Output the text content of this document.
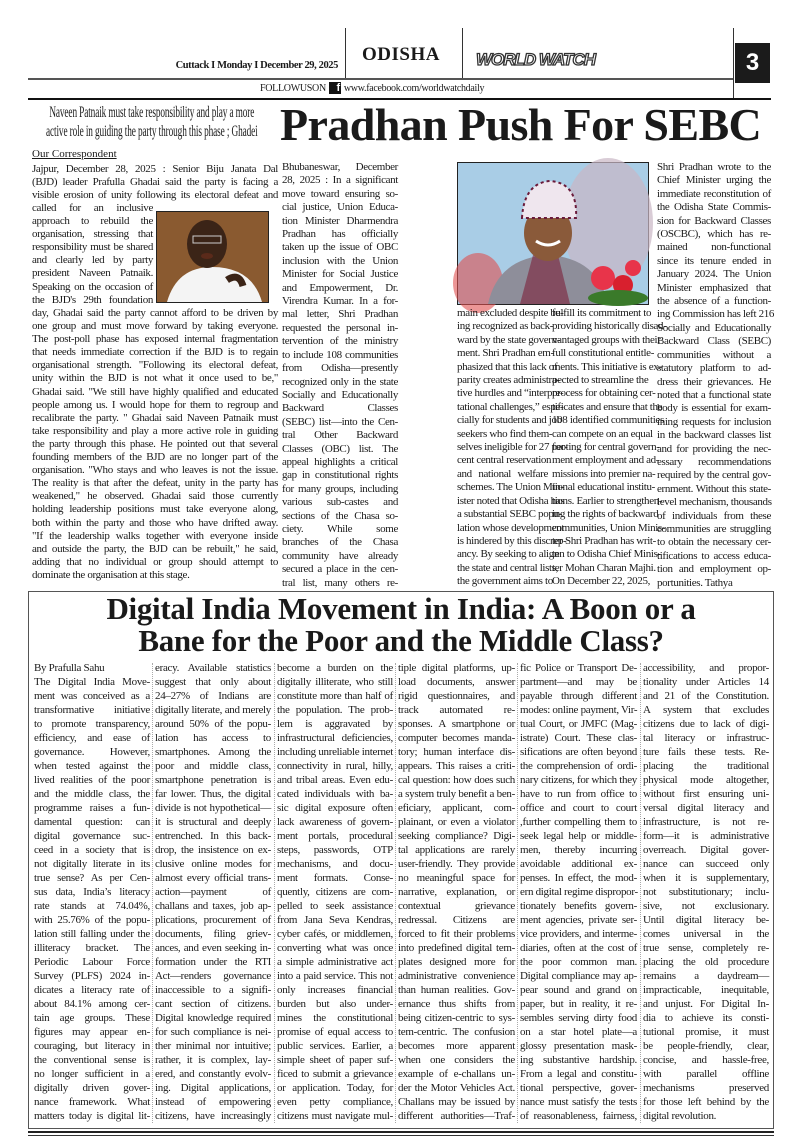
Cuttack I Monday I December 29, 2025
ODISHA WORLD WATCH	3
FOLLOWUSON f www.facebook.com/worldwatchdaily
Naveen Patnaik must take responsibility and play a more
active role in guiding the party through this phase ; Ghadei
Our Correspondent
Jajpur, December 28, 2025 : Senior Biju Janata Dal
(BJD) leader Prafulla Ghadai said the party is facing a
visible erosion of unity following its electoral defeat and
called for an inclusive
approach to rebuild the
organisation, stressing that
responsibility must be shared
and clearly led by party
president Naveen Patnaik.
Speaking on the occasion of
the BJD's 29th foundation
day, Ghadai said the party cannot afford to be driven by
one group and must move forward by taking everyone.
The post-poll phase has exposed internal fragmentation
that needs immediate correction if the BJD is to regain
organisational strength. "Following its electoral defeat,
unity within the BJD is not what it once used to be,"
Ghadai said. "We still have highly qualified and educated
people among us. I would hope for them to regroup and
recalibrate the party. " Ghadai said Naveen Patnaik must
take responsibility and play a more active role in guiding
the party through this phase. He pointed out that several
founding members of the BJD are no longer part of the
organisation. "Who stays and who leaves is not the issue.
The reality is that after the defeat, unity in the party has
weakened," he observed. Ghadai said those currently
holding leadership positions must take everyone along,
both within the party and those who have drifted away.
"If the leadership walks together with everyone inside
and outside the party, the BJD can be rebuilt," he said,
adding that no individual or group should attempt to
dominate the organisation at this stage.
Pradhan Push For SEBC
Bhubaneswar, December
28, 2025 : In a significant
move toward ensuring so-
cial justice, Union Educa-
tion Minister Dharmendra
Pradhan has officially
taken up the issue of OBC
inclusion with the Union
Minister for Social Justice
and Empowerment, Dr.
Virendra Kumar. In a for-
mal letter, Shri Pradhan
requested the personal in-
tervention of the ministry
to include 108 communities
from Odisha—presently
recognized only in the state
Socially and Educationally
Backward Classes
(SEBC) list—into the Cen-
tral Other Backward
Classes (OBC) list. The
appeal highlights a critical
gap in constitutional rights
for many groups, including
various sub-castes and
sections of the Chasa so-
ciety. While some
branches of the Chasa
community have already
secured a place in the cen-
tral list, many others re-
main excluded despite be-
ing recognized as back-
ward by the state govern-
ment. Shri Pradhan em-
phasized that this lack of
parity creates administra-
tive hurdles and “interpre-
tational challenges,” espe-
cially for students and job
seekers who find them-
selves ineligible for 27 per-
cent central reservation
and national welfare
schemes. The Union Min-
ister noted that Odisha has
a substantial SEBC popu-
lation whose development
is hindered by this discrep-
ancy. By seeking to align
the state and central lists,
the government aims to
fulfill its commitment to
providing historically disad-
vantaged groups with their
full constitutional entitle-
ments. This initiative is ex-
pected to streamline the
process for obtaining cer-
tificates and ensure that the
108 identified communities
can compete on an equal
footing for central govern-
ment employment and ad-
missions into premier na-
tional educational institu-
tions. Earlier to strengthen-
ing the rights of backward
communities, Union Minis-
ter Shri Pradhan has writ-
ten to Odisha Chief Minis-
ter Mohan Charan Majhi.
On December 22, 2025,
Shri Pradhan wrote to the
Chief Minister urging the
immediate reconstitution of
the Odisha State Commis-
sion for Backward Classes
(OSCBC), which has re-
mained non-functional
since its tenure ended in
January 2024. The Union
Minister emphasized that
the absence of a function-
ing Commission has left 216
Socially and Educationally
Backward Class (SEBC)
communities without a
statutory platform to ad-
dress their grievances. He
noted that a functional state
body is essential for exam-
ining requests for inclusion
in the backward classes list
and for providing the nec-
essary recommendations
required by the central gov-
ernment. Without this state-
level mechanism, thousands
of individuals from these
communities are struggling
to obtain the necessary cer-
tifications to access educa-
tion and employment op-
portunities. Tathya
Digital India Movement in India: A Boon or a
Bane for the Poor and the Middle Class?
By Prafulla Sahu
The Digital India Move-
ment was conceived as a
transformative initiative
to promote transparency,
efficiency, and ease of
governance. However,
when tested against the
lived realities of the poor
and the middle class, the
programme raises a fun-
damental question: can
digital governance suc-
ceed in a society that is
not digitally literate in its
true sense? As per Cen-
sus data, India’s literacy
rate stands at 74.04%,
with 25.76% of the popu-
lation still falling under the
illiteracy bracket. The
Periodic Labour Force
Survey (PLFS) 2024 in-
dicates a literacy rate of
about 84.1% among cer-
tain age groups. These
figures may appear en-
couraging, but literacy in
the conventional sense is
no longer sufficient in a
digitally driven gover-
nance framework. What
matters today is digital lit-
eracy. Available statistics
suggest that only about
24–27% of Indians are
digitally literate, and merely
around 50% of the popu-
lation has access to
smartphones. Among the
poor and middle class,
smartphone penetration is
far lower. Thus, the digital
divide is not hypothetical—
it is structural and deeply
entrenched. In this back-
drop, the insistence on ex-
clusive online modes for
almost every official trans-
action—payment of
challans and taxes, job ap-
plications, procurement of
documents, filing griev-
ances, and even seeking in-
formation under the RTI
Act—renders governance
inaccessible to a signifi-
cant section of citizens.
Digital knowledge required
for such compliance is nei-
ther minimal nor intuitive;
rather, it is complex, lay-
ered, and constantly evolv-
ing. Digital applications,
instead of empowering
citizens, have increasingly
become a burden on the
digitally illiterate, who still
constitute more than half of
the population. The prob-
lem is aggravated by
infrastructural deficiencies,
including unreliable internet
connectivity in rural, hilly,
and tribal areas. Even edu-
cated individuals with ba-
sic digital exposure often
lack awareness of govern-
ment portals, procedural
steps, passwords, OTP
mechanisms, and docu-
ment formats. Conse-
quently, citizens are com-
pelled to seek assistance
from Jana Seva Kendras,
cyber cafés, or middlemen,
converting what was once
a simple administrative act
into a paid service. This not
only increases financial
burden but also under-
mines the constitutional
promise of equal access to
public services. Earlier, a
simple sheet of paper suf-
ficed to submit a grievance
or application. Today, for
even petty compliance,
citizens must navigate mul-
tiple digital platforms, up-
load documents, answer
rigid questionnaires, and
track automated re-
sponses. A smartphone or
computer becomes manda-
tory; human interface dis-
appears. This raises a criti-
cal question: how does such
a system truly benefit a ben-
eficiary, applicant, com-
plainant, or even a violator
seeking compliance? Digi-
tal applications are rarely
user-friendly. They provide
no meaningful space for
narrative, explanation, or
contextual grievance
redressal. Citizens are
forced to fit their problems
into predefined digital tem-
plates designed more for
administrative convenience
than human realities. Gov-
ernance thus shifts from
being citizen-centric to sys-
tem-centric. The confusion
becomes more apparent
when one considers the
example of e-challans un-
der the Motor Vehicles Act.
Challans may be issued by
different authorities—Traf-
fic Police or Transport De-
partment—and may be
payable through different
modes: online payment, Vir-
tual Court, or JMFC (Mag-
istrate) Court. These clas-
sifications are often beyond
the comprehension of ordi-
nary citizens, for which they
have to run from office to
office and court to court
,further compelling them to
seek legal help or middle-
men, thereby incurring
avoidable additional ex-
penses. In effect, the mod-
ern digital regime dispropor-
tionately benefits govern-
ment agencies, private ser-
vice providers, and interme-
diaries, often at the cost of
the poor common man.
Digital compliance may ap-
pear sound and grand on
paper, but in reality, it re-
sembles serving dirty food
on a star hotel plate—a
glossy presentation mask-
ing substantive hardship.
From a legal and constitu-
tional perspective, gover-
nance must satisfy the tests
of reasonableness, fairness,
accessibility, and propor-
tionality under Articles 14
and 21 of the Constitution.
A system that excludes
citizens due to lack of digi-
tal literacy or infrastruc-
ture fails these tests. Re-
placing the traditional
physical mode altogether,
without first ensuring uni-
versal digital literacy and
infrastructure, is not re-
form—it is administrative
overreach. Digital gover-
nance can succeed only
when it is supplementary,
not substitutionary; inclu-
sive, not exclusionary.
Until digital literacy be-
comes universal in the
true sense, completely re-
placing the old procedure
remains a daydream—
impracticable, inequitable,
and unjust. For Digital In-
dia to achieve its consti-
tutional promise, it must
be people-friendly, clear,
concise, and hassle-free,
with parallel offline
mechanisms preserved
for those left behind by the
digital revolution.
